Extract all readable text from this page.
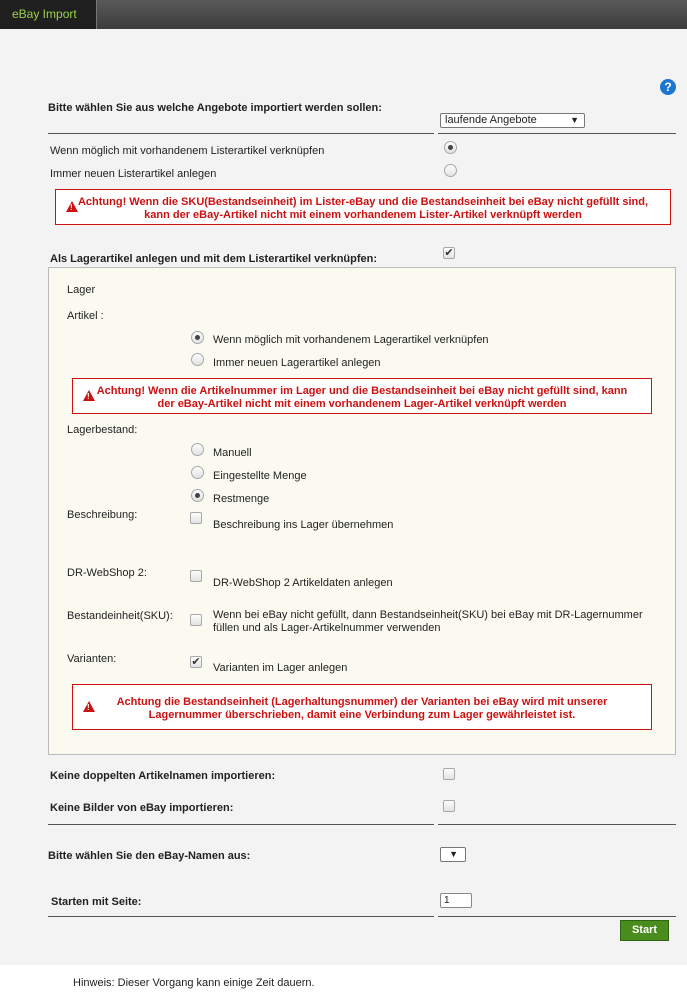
eBay Import
?
Bitte wählen Sie aus welche Angebote importiert werden sollen:
laufende Angebote	▼
Wenn möglich mit vorhandenem Listerartikel verknüpfen
Immer neuen Listerartikel anlegen
!
Achtung! Wenn die SKU(Bestandseinheit) im Lister-eBay und die Bestandseinheit bei eBay nicht gefüllt sind,
kann der eBay-Artikel nicht mit einem vorhandenem Lister-Artikel verknüpft werden
Als Lagerartikel anlegen und mit dem Listerartikel verknüpfen:	✔
Lager
Artikel :
Wenn möglich mit vorhandenem Lagerartikel verknüpfen
Immer neuen Lagerartikel anlegen
!
Achtung! Wenn die Artikelnummer im Lager und die Bestandseinheit bei eBay nicht gefüllt sind, kann
der eBay-Artikel nicht mit einem vorhandenem Lager-Artikel verknüpft werden
Lagerbestand:
Manuell
Eingestellte Menge
Restmenge
Beschreibung:
Beschreibung ins Lager übernehmen
DR-WebShop 2:
DR-WebShop 2 Artikeldaten anlegen
Bestandeinheit(SKU):	Wenn bei eBay nicht gefüllt, dann Bestandseinheit(SKU) bei eBay mit DR-Lagernummer
füllen und als Lager-Artikelnummer verwenden
Varianten:	✔ Varianten im Lager anlegen
!
Achtung die Bestandseinheit (Lagerhaltungsnummer) der Varianten bei eBay wird mit unserer
Lagernummer überschrieben, damit eine Verbindung zum Lager gewährleistet ist.
Keine doppelten Artikelnamen importieren:
Keine Bilder von eBay importieren:
Bitte wählen Sie den eBay-Namen aus:	▼
Starten mit Seite:	1
Start
Hinweis: Dieser Vorgang kann einige Zeit dauern.
